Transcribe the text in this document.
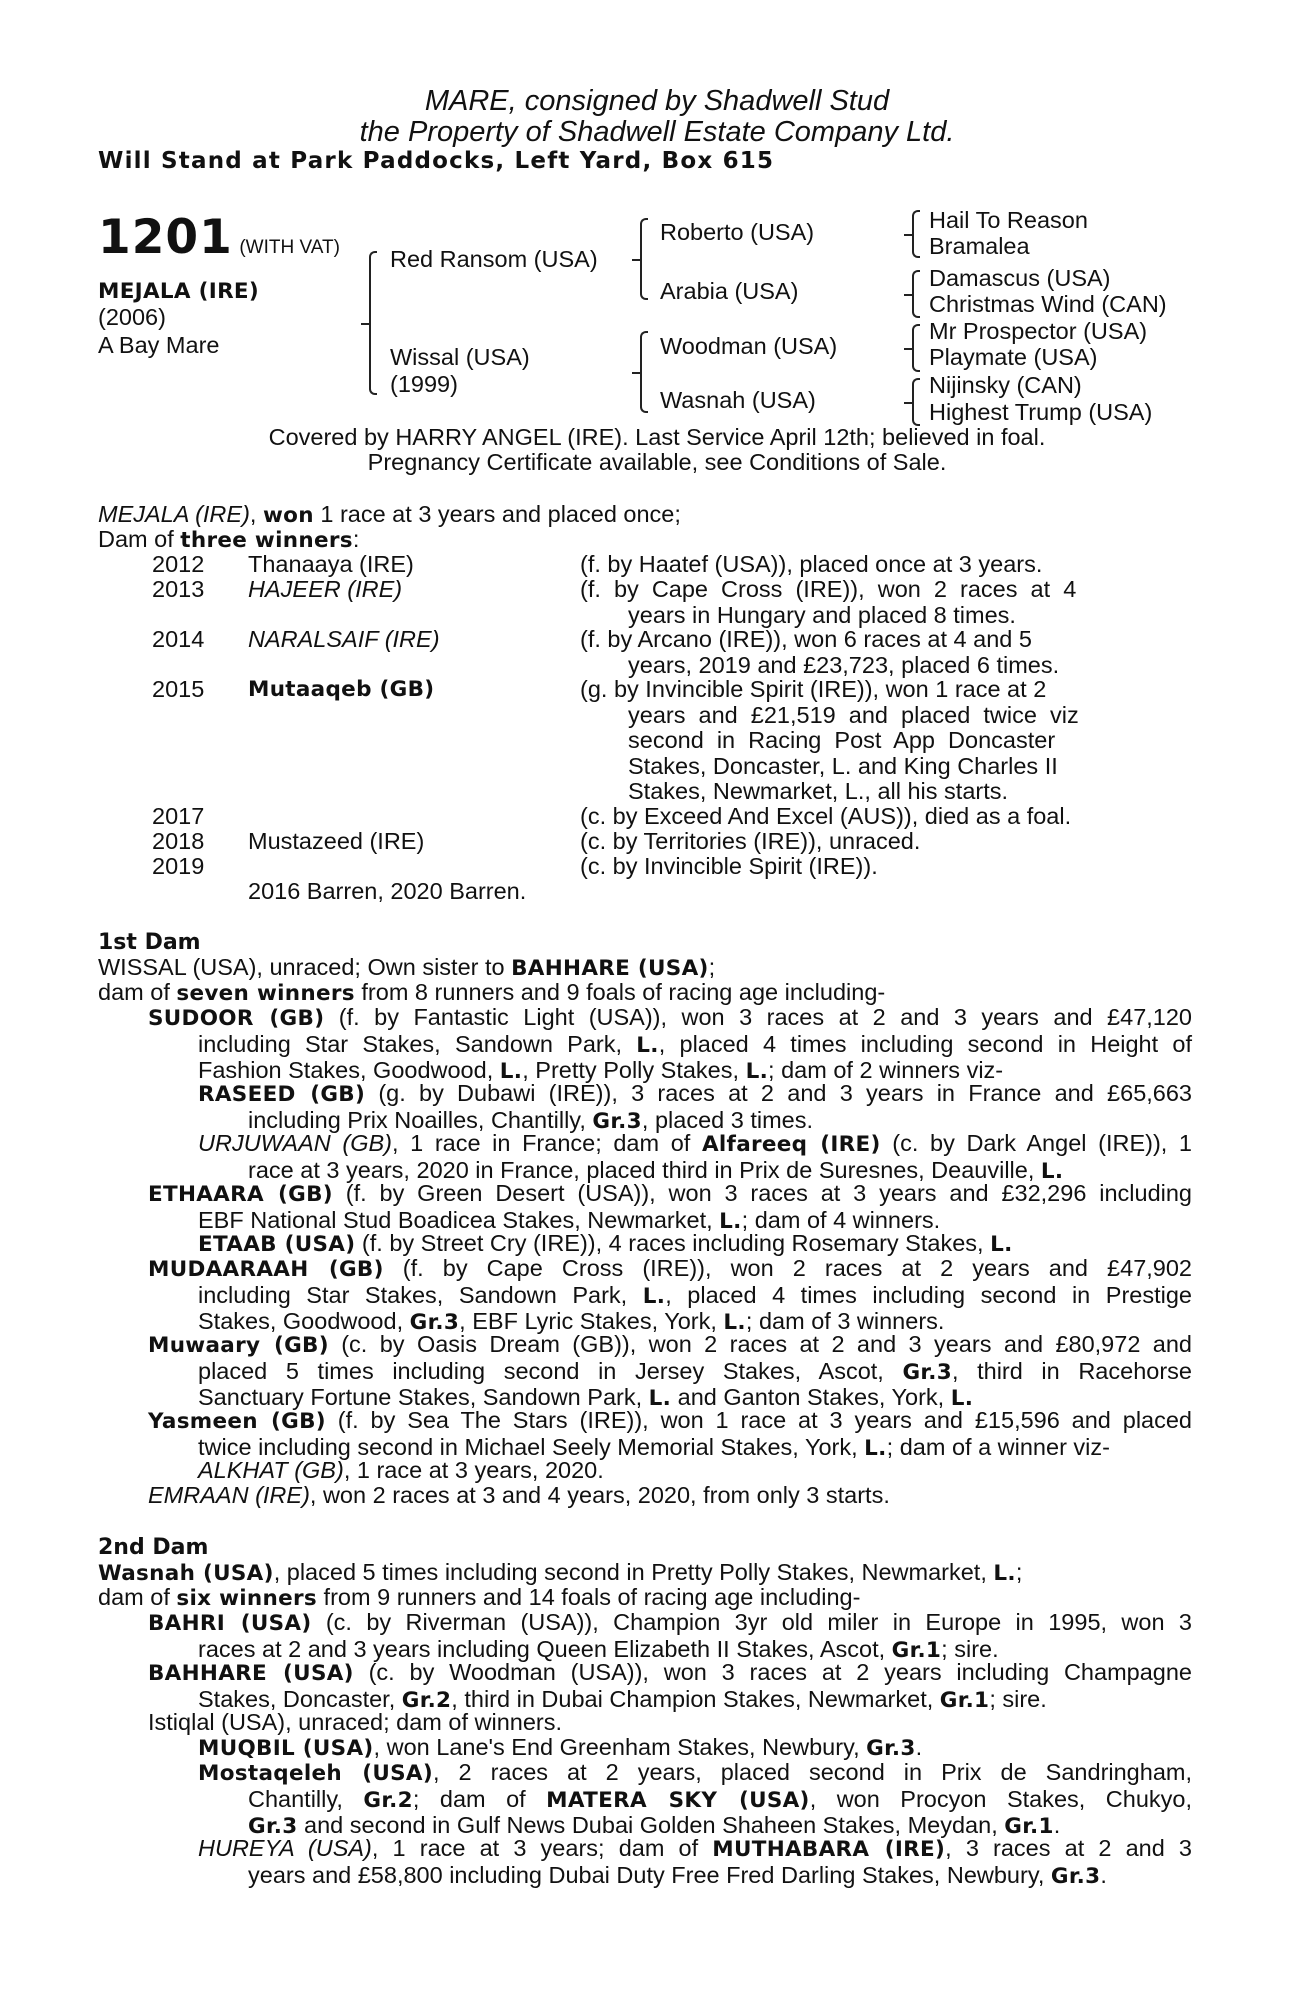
MARE, consigned by Shadwell Stud
the Property of Shadwell Estate Company Ltd.
Will Stand at Park Paddocks, Left Yard, Box 615
1201 (WITH VAT)
MEJALA (IRE)
(2006)
A Bay Mare
Red Ransom (USA)
Wissal (USA)
(1999)
Roberto (USA)
Arabia (USA)
Woodman (USA)
Wasnah (USA)
Hail To Reason
Bramalea
Damascus (USA)
Christmas Wind (CAN)
Mr Prospector (USA)
Playmate (USA)
Nijinsky (CAN)
Highest Trump (USA)
Covered by HARRY ANGEL (IRE). Last Service April 12th; believed in foal.
Pregnancy Certificate available, see Conditions of Sale.
MEJALA (IRE), won 1 race at 3 years and placed once;
Dam of three winners:
2012 Thanaaya (IRE)	(f. by Haatef (USA)), placed once at 3 years.
2013 HAJEER (IRE)	(f.  by  Cape  Cross  (IRE)),  won  2  races  at  4
years in Hungary and placed 8 times.
2014 NARALSAIF (IRE)	(f. by Arcano (IRE)), won 6 races at 4 and 5
years, 2019 and £23,723, placed 6 times.
2015 Mutaaqeb (GB)	(g. by Invincible Spirit (IRE)), won 1 race at 2
years  and  £21,519  and  placed  twice  viz
second  in  Racing  Post  App  Doncaster
Stakes, Doncaster, L. and King Charles II
Stakes, Newmarket, L., all his starts.
2017	(c. by Exceed And Excel (AUS)), died as a foal.
2018 Mustazeed (IRE)	(c. by Territories (IRE)), unraced.
2019	(c. by Invincible Spirit (IRE)).
2016 Barren, 2020 Barren.
1st Dam
WISSAL (USA), unraced; Own sister to BAHHARE (USA);
dam of seven winners from 8 runners and 9 foals of racing age including-
SUDOOR (GB) (f. by Fantastic Light (USA)), won 3 races at 2 and 3 years and £47,120
including Star Stakes, Sandown Park, L., placed 4 times including second in Height of
Fashion Stakes, Goodwood, L., Pretty Polly Stakes, L.; dam of 2 winners viz-
RASEED (GB) (g. by Dubawi (IRE)), 3 races at 2 and 3 years in France and £65,663
including Prix Noailles, Chantilly, Gr.3, placed 3 times.
URJUWAAN (GB), 1 race in France; dam of Alfareeq (IRE) (c. by Dark Angel (IRE)), 1
race at 3 years, 2020 in France, placed third in Prix de Suresnes, Deauville, L.
ETHAARA (GB) (f. by Green Desert (USA)), won 3 races at 3 years and £32,296 including
EBF National Stud Boadicea Stakes, Newmarket, L.; dam of 4 winners.
ETAAB (USA) (f. by Street Cry (IRE)), 4 races including Rosemary Stakes, L.
MUDAARAAH (GB) (f. by Cape Cross (IRE)), won 2 races at 2 years and £47,902
including Star Stakes, Sandown Park, L., placed 4 times including second in Prestige
Stakes, Goodwood, Gr.3, EBF Lyric Stakes, York, L.; dam of 3 winners.
Muwaary (GB) (c. by Oasis Dream (GB)), won 2 races at 2 and 3 years and £80,972 and
placed 5 times including second in Jersey Stakes, Ascot, Gr.3, third in Racehorse
Sanctuary Fortune Stakes, Sandown Park, L. and Ganton Stakes, York, L.
Yasmeen (GB) (f. by Sea The Stars (IRE)), won 1 race at 3 years and £15,596 and placed
twice including second in Michael Seely Memorial Stakes, York, L.; dam of a winner viz-
ALKHAT (GB), 1 race at 3 years, 2020.
EMRAAN (IRE), won 2 races at 3 and 4 years, 2020, from only 3 starts.
2nd Dam
Wasnah (USA), placed 5 times including second in Pretty Polly Stakes, Newmarket, L.;
dam of six winners from 9 runners and 14 foals of racing age including-
BAHRI (USA) (c. by Riverman (USA)), Champion 3yr old miler in Europe in 1995, won 3
races at 2 and 3 years including Queen Elizabeth II Stakes, Ascot, Gr.1; sire.
BAHHARE (USA) (c. by Woodman (USA)), won 3 races at 2 years including Champagne
Stakes, Doncaster, Gr.2, third in Dubai Champion Stakes, Newmarket, Gr.1; sire.
Istiqlal (USA), unraced; dam of winners.
MUQBIL (USA), won Lane's End Greenham Stakes, Newbury, Gr.3.
Mostaqeleh (USA), 2 races at 2 years, placed second in Prix de Sandringham,
Chantilly, Gr.2; dam of MATERA SKY (USA), won Procyon Stakes, Chukyo,
Gr.3 and second in Gulf News Dubai Golden Shaheen Stakes, Meydan, Gr.1.
HUREYA (USA), 1 race at 3 years; dam of MUTHABARA (IRE), 3 races at 2 and 3
years and £58,800 including Dubai Duty Free Fred Darling Stakes, Newbury, Gr.3.
